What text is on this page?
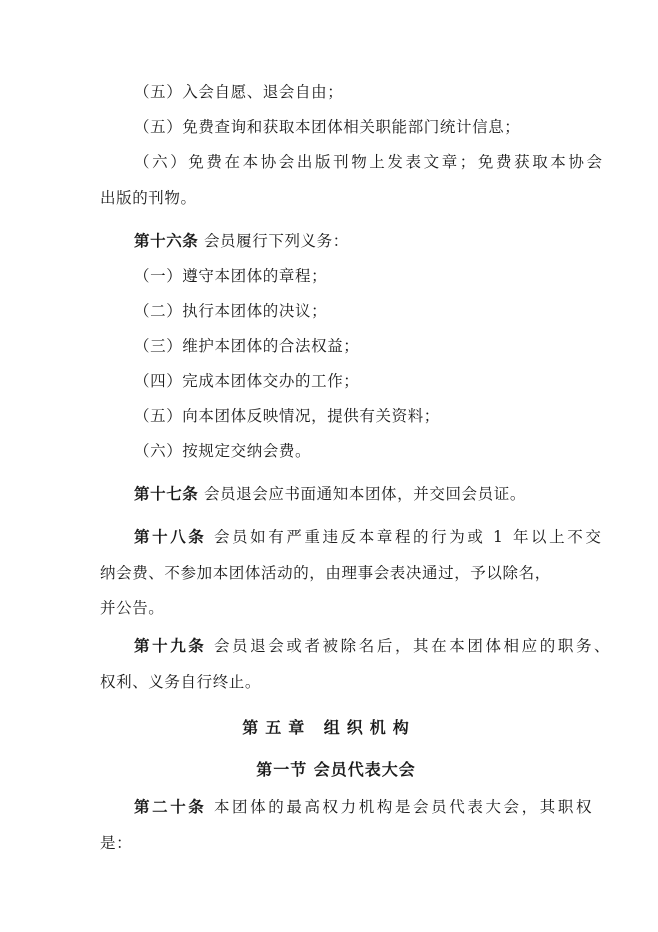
（五）入会自愿、退会自由；
（五）免费查询和获取本团体相关职能部门统计信息；
（六）免费在本协会出版刊物上发表文章；免费获取本协会
出版的刊物。
第十六条 会员履行下列义务：
（一）遵守本团体的章程；
（二）执行本团体的决议；
（三）维护本团体的合法权益；
（四）完成本团体交办的工作；
（五）向本团体反映情况，提供有关资料；
（六）按规定交纳会费。
第十七条 会员退会应书面通知本团体，并交回会员证。
第十八条 会员如有严重违反本章程的行为或 1 年以上不交
纳会费、不参加本团体活动的，由理事会表决通过，予以除名，
并公告。
第十九条 会员退会或者被除名后，其在本团体相应的职务、
权利、义务自行终止。
第五章 组织机构
第一节 会员代表大会
第二十条 本团体的最高权力机构是会员代表大会，其职权
是：
